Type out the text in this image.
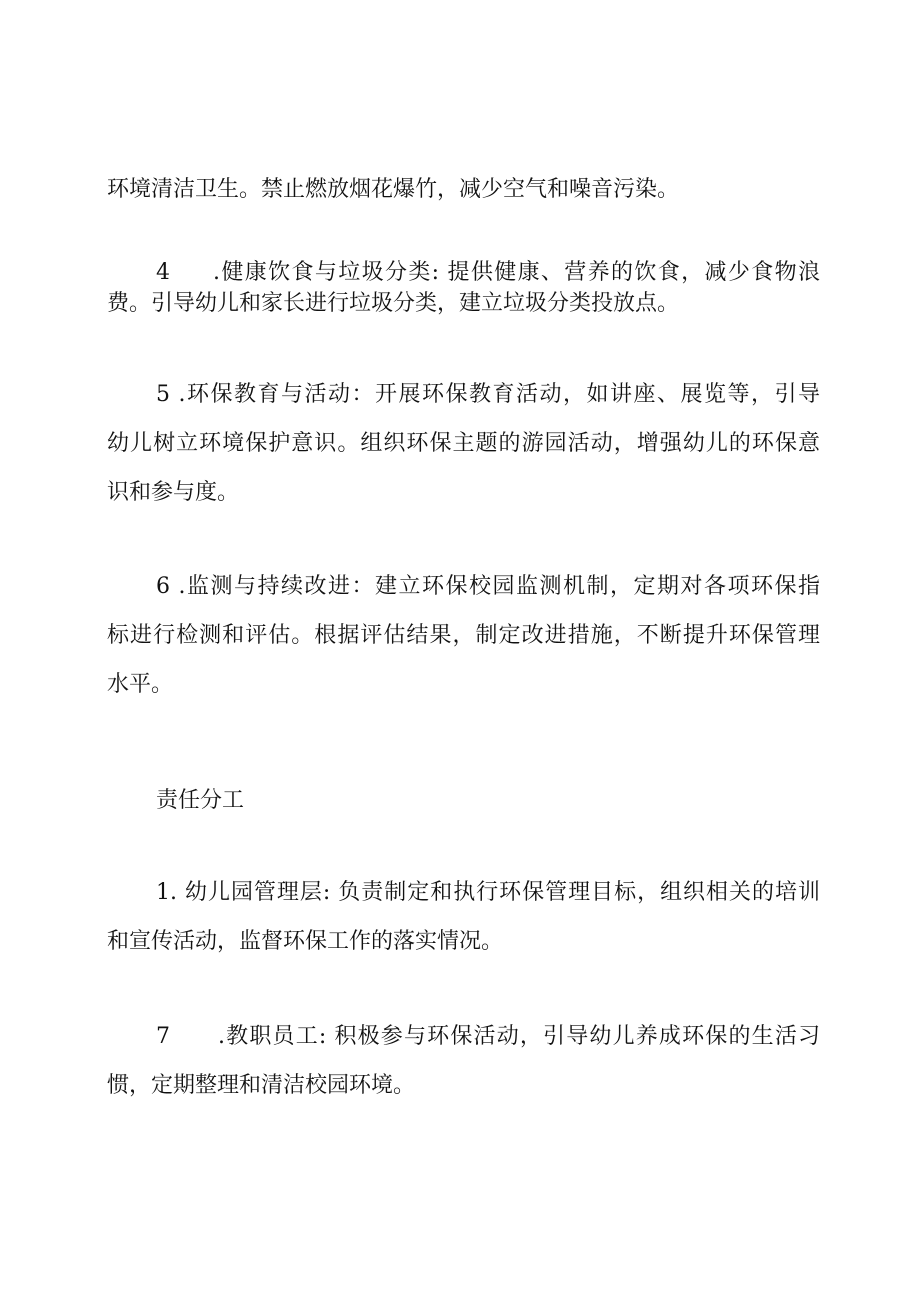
环境清洁卫生。禁止燃放烟花爆竹，减少空气和噪音污染。
4 .健康饮食与垃圾分类: 提供健康、营养的饮食，减少食物浪
费。引导幼儿和家长进行垃圾分类，建立垃圾分类投放点。
5 .环保教育与活动：开展环保教育活动，如讲座、展览等，引导
幼儿树立环境保护意识。组织环保主题的游园活动，增强幼儿的环保意
识和参与度。
6 .监测与持续改进：建立环保校园监测机制，定期对各项环保指
标进行检测和评估。根据评估结果，制定改进措施，不断提升环保管理
水平。
责任分工
1. 幼儿园管理层: 负责制定和执行环保管理目标，组织相关的培训
和宣传活动，监督环保工作的落实情况。
7 .教职员工: 积极参与环保活动，引导幼儿养成环保的生活习
惯，定期整理和清洁校园环境。
